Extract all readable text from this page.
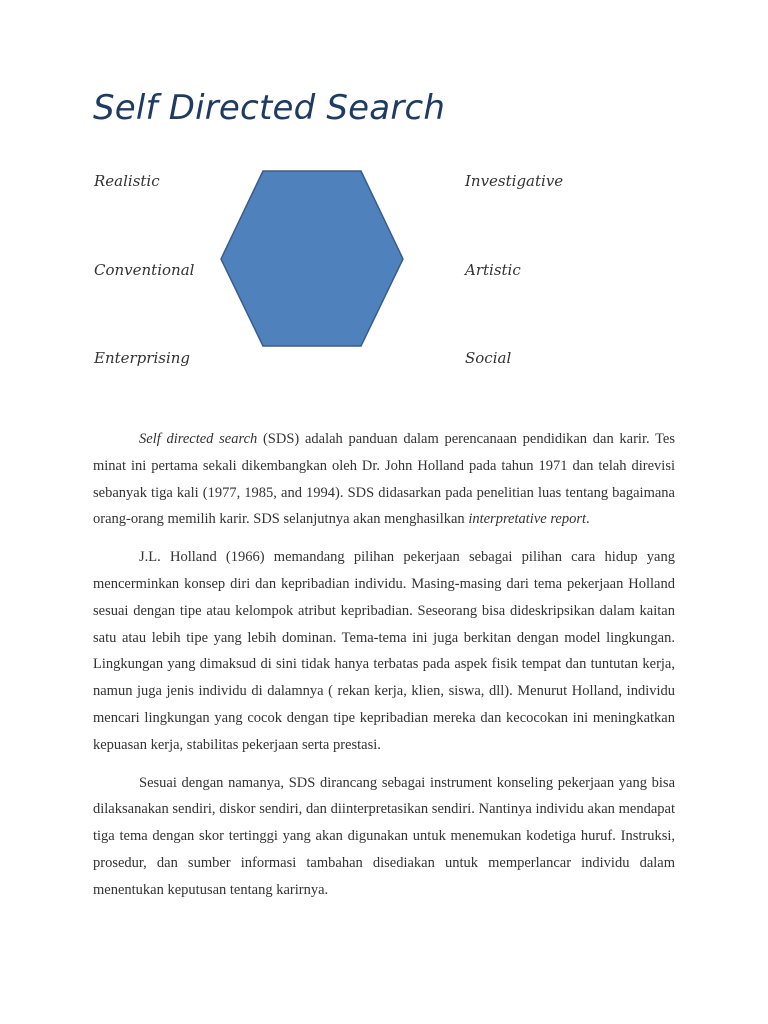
Self Directed Search
Realistic	Investigative
Conventional	Artistic
Enterprising	Social

Self directed search (SDS) adalah panduan dalam perencanaan pendidikan dan karir. Tes minat ini pertama sekali dikembangkan oleh Dr. John Holland pada tahun 1971 dan telah direvisi sebanyak tiga kali (1977, 1985, and 1994). SDS didasarkan pada penelitian luas tentang bagaimana orang-orang memilih karir. SDS selanjutnya akan menghasilkan interpretative report.

J.L. Holland (1966) memandang pilihan pekerjaan sebagai pilihan cara hidup yang mencerminkan konsep diri dan kepribadian individu. Masing-masing dari tema pekerjaan Holland sesuai dengan tipe atau kelompok atribut kepribadian. Seseorang bisa dideskripsikan dalam kaitan satu atau lebih tipe yang lebih dominan. Tema-tema ini juga berkitan dengan model lingkungan. Lingkungan yang dimaksud di sini tidak hanya terbatas pada aspek fisik tempat dan tuntutan kerja, namun juga jenis individu di dalamnya ( rekan kerja, klien, siswa, dll). Menurut Holland, individu mencari lingkungan yang cocok dengan tipe kepribadian mereka dan kecocokan ini meningkatkan kepuasan kerja, stabilitas pekerjaan serta prestasi.

Sesuai dengan namanya, SDS dirancang sebagai instrument konseling pekerjaan yang bisa dilaksanakan sendiri, diskor sendiri, dan diinterpretasikan sendiri. Nantinya individu akan mendapat tiga tema dengan skor tertinggi yang akan digunakan untuk menemukan kodetiga huruf. Instruksi, prosedur, dan sumber informasi tambahan disediakan untuk memperlancar individu dalam menentukan keputusan tentang karirnya.
